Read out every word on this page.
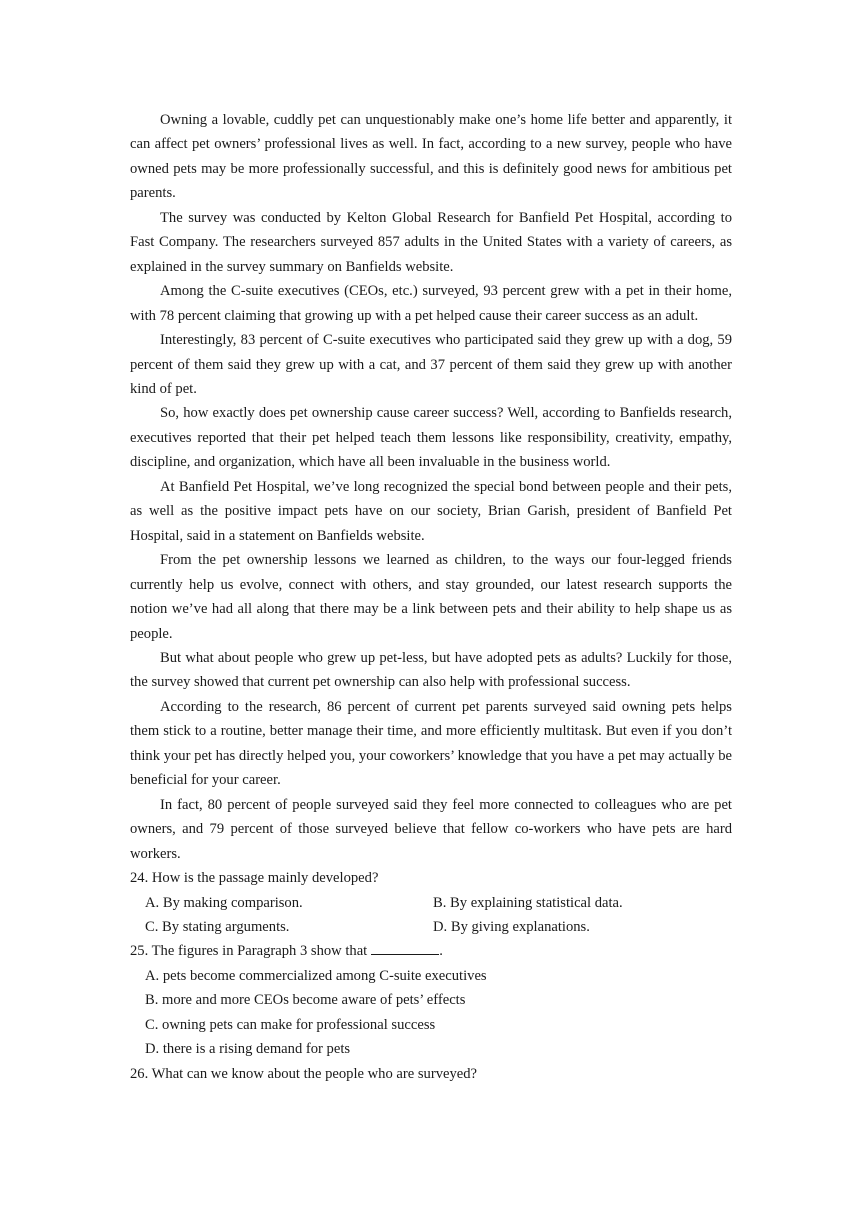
Owning a lovable, cuddly pet can unquestionably make one’s home life better and apparently, it can affect pet owners’ professional lives as well. In fact, according to a new survey, people who have owned pets may be more professionally successful, and this is definitely good news for ambitious pet parents.

The survey was conducted by Kelton Global Research for Banfield Pet Hospital, according to Fast Company. The researchers surveyed 857 adults in the United States with a variety of careers, as explained in the survey summary on Banfields website.

Among the C-suite executives (CEOs, etc.) surveyed, 93 percent grew with a pet in their home, with 78 percent claiming that growing up with a pet helped cause their career success as an adult.

Interestingly, 83 percent of C-suite executives who participated said they grew up with a dog, 59 percent of them said they grew up with a cat, and 37 percent of them said they grew up with another kind of pet.

So, how exactly does pet ownership cause career success? Well, according to Banfields research, executives reported that their pet helped teach them lessons like responsibility, creativity, empathy, discipline, and organization, which have all been invaluable in the business world.

At Banfield Pet Hospital, we’ve long recognized the special bond between people and their pets, as well as the positive impact pets have on our society, Brian Garish, president of Banfield Pet Hospital, said in a statement on Banfields website.

From the pet ownership lessons we learned as children, to the ways our four-legged friends currently help us evolve, connect with others, and stay grounded, our latest research supports the notion we’ve had all along that there may be a link between pets and their ability to help shape us as people.

But what about people who grew up pet-less, but have adopted pets as adults? Luckily for those, the survey showed that current pet ownership can also help with professional success.

According to the research, 86 percent of current pet parents surveyed said owning pets helps them stick to a routine, better manage their time, and more efficiently multitask. But even if you don’t think your pet has directly helped you, your coworkers’ knowledge that you have a pet may actually be beneficial for your career.

In fact, 80 percent of people surveyed said they feel more connected to colleagues who are pet owners, and 79 percent of those surveyed believe that fellow co-workers who have pets are hard workers.

24. How is the passage mainly developed?

A. By making comparison.	B. By explaining statistical data.
C. By stating arguments.	D. By giving explanations.

25. The figures in Paragraph 3 show that	.

A. pets become commercialized among C-suite executives
B. more and more CEOs become aware of pets’ effects
C. owning pets can make for professional success
D. there is a rising demand for pets

26. What can we know about the people who are surveyed?
